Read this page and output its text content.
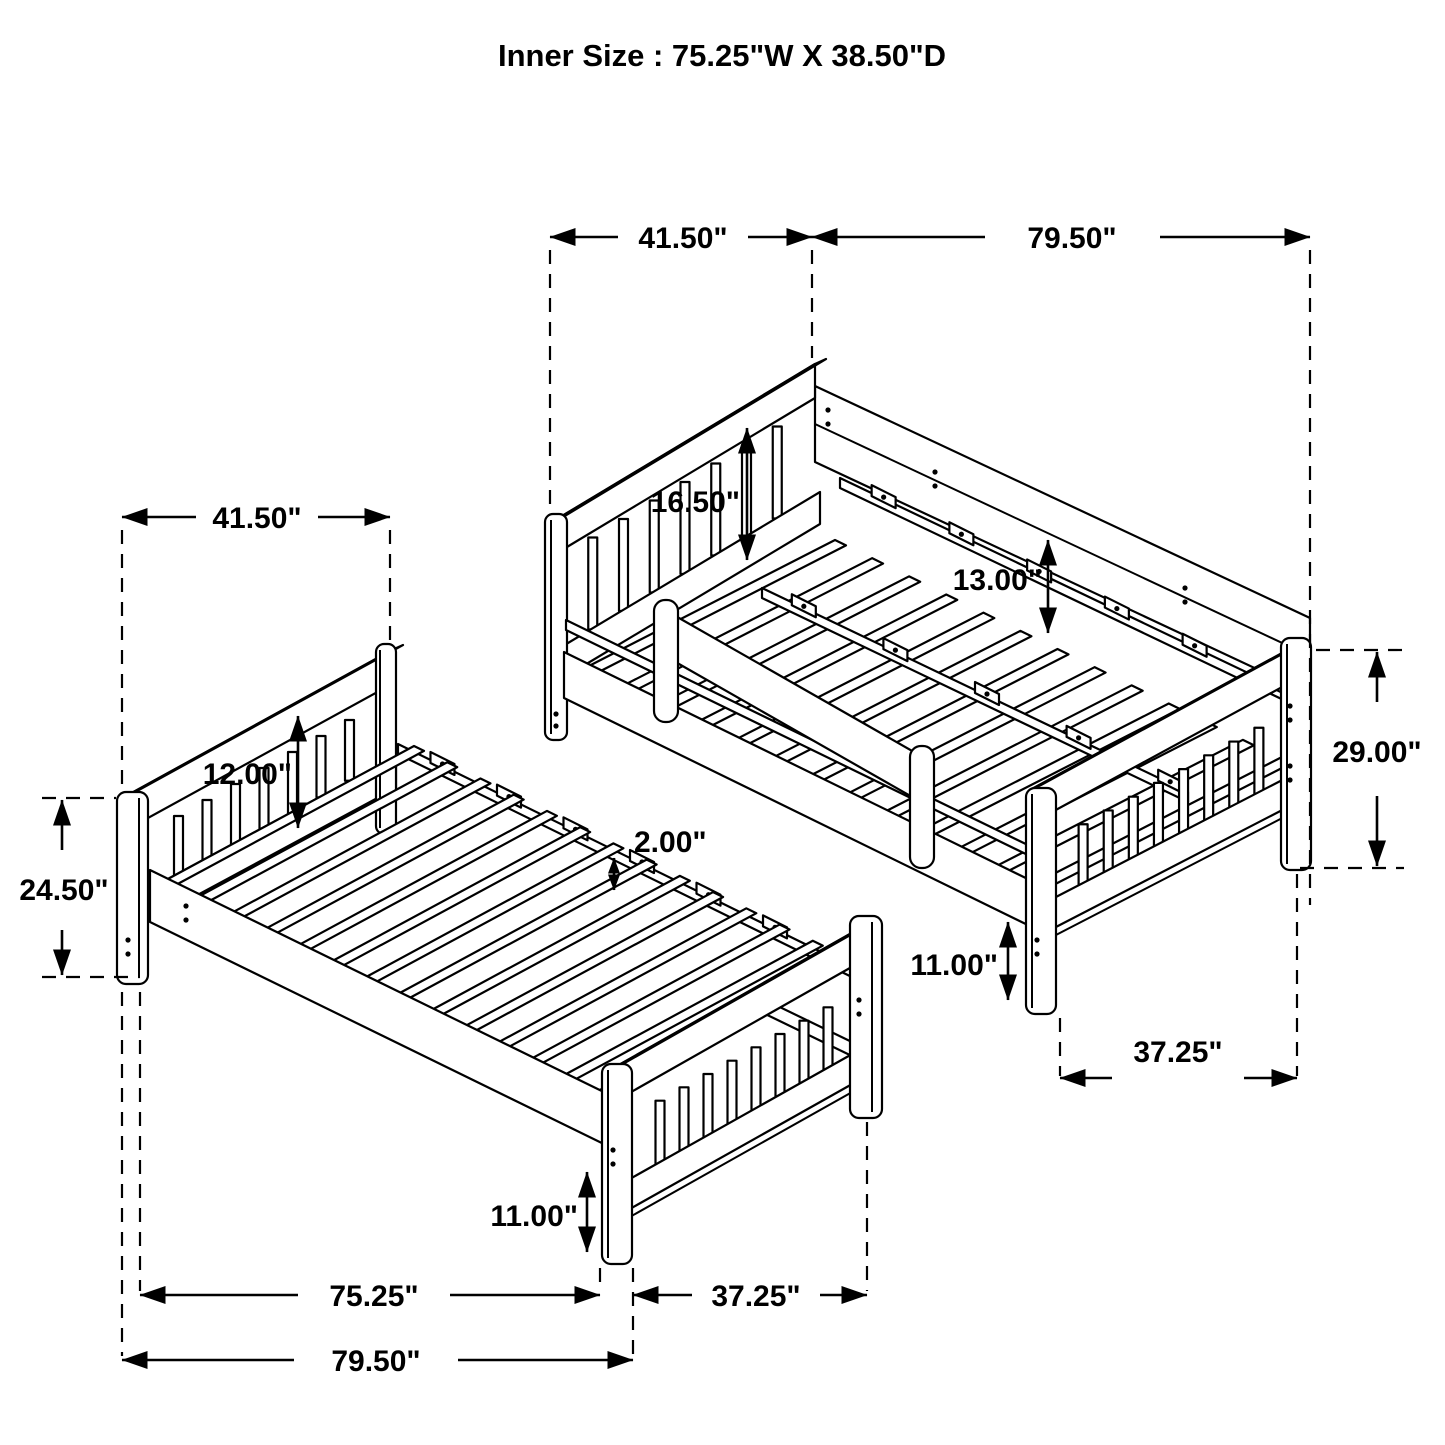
Inner Size : 75.25"W X 38.50"D
41.50"	79.50"
16.50"
13.00"
29.00"
11.00"
37.25"
41.50"
12.00"
24.50"
2.00"
11.00"
75.25"	37.25"
79.50"
